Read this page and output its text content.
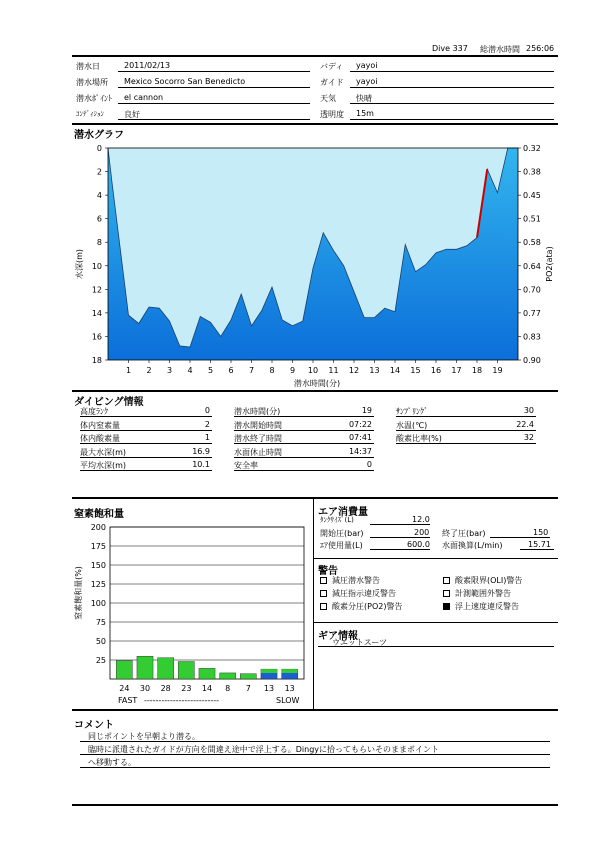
Dive 337 総潜水時間 256:06
潜水日	2011/02/13
潜水場所 Mexico Socorro San Benedicto
潜水ﾎﾟｲﾝﾄ el cannon
ｺﾝﾃﾞｨｼｮﾝ	良好
バディ yayoi
ガイド yayoi
天気	快晴
透明度 15m
潜水グラフ
0
2
4
6
8
10
12
14
16
18
0.32
0.38
0.45
0.51
0.58
0.64
0.70
0.77
0.83
0.90
1 2 3 4 5 6 7 8 9 10 11 12 13 14 15 16 17 18 19
水深(m)	PO2(ata)
潜水時間(分)
ダイビング情報
高度ﾗﾝｸ	0
体内窒素量	2
体内酸素量	1
最大水深(m)	16.9
平均水深(m)	10.1
潜水時間(分)	19
潜水開始時間	07:22
潜水終了時間	07:41
水面休止時間	14:37
安全率	0
ｻﾝﾌﾟﾘﾝｸﾞ	30
水温(℃)	22.4
酸素比率(%)	32
窒素飽和量
25
50
75
100
125
150
175
200
24 30 28 23 14 8 7 13 13
FAST --------------------------	SLOW
窒素飽和量(%)
エア消費量
ﾀﾝｸｻｲｽﾞ(L)	12.0
開始圧(bar)	200 終了圧(bar)	150
ｴｱ使用量(L)	600.0 水面換算(L/min)	15.71
警告
減圧潜水警告
減圧指示違反警告
酸素分圧(PO2)警告
酸素限界(OLI)警告
計測範囲外警告
浮上速度違反警告
ギア情報
ウエットスーツ
コメント
同じポイントを早朝より潜る。
臨時に派遣されたガイドが方向を間違え途中で浮上する。Dingyに拾ってもらいそのままポイント
へ移動する。
